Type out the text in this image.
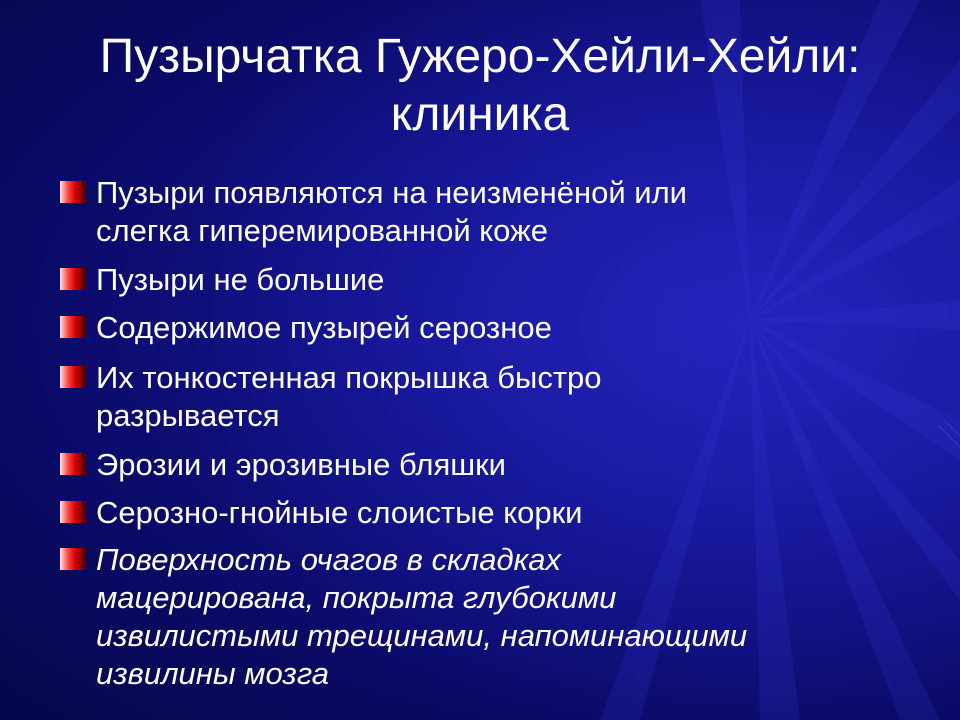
Пузырчатка Гужеро-Хейли-Хейли:
клиника
Пузыри появляются на неизменёной или
слегка гиперемированной коже
Пузыри не большие
Содержимое пузырей серозное
Их тонкостенная покрышка быстро
разрывается
Эрозии и эрозивные бляшки
Серозно-гнойные слоистые корки
Поверхность очагов в складках
мацерирована, покрыта глубокими
извилистыми трещинами, напоминающими
извилины мозга
